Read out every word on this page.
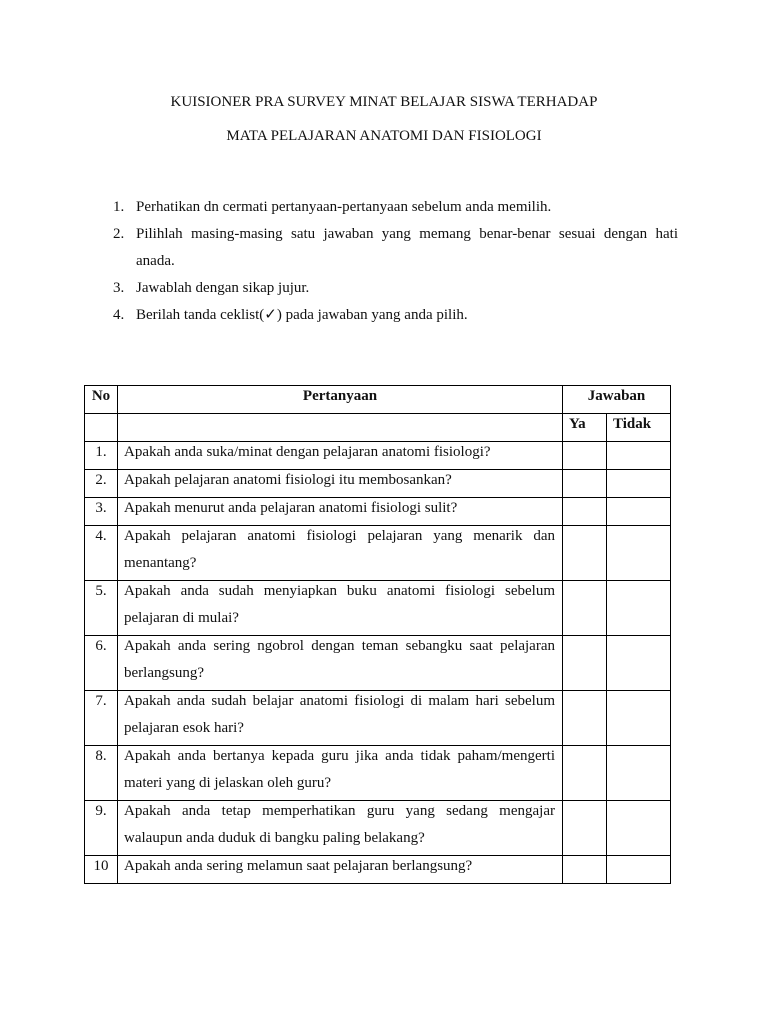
KUISIONER PRA SURVEY MINAT BELAJAR SISWA TERHADAP
MATA PELAJARAN ANATOMI DAN FISIOLOGI
1. Perhatikan dn cermati pertanyaan-pertanyaan sebelum anda memilih.
2. Pilihlah masing-masing satu jawaban yang memang benar-benar sesuai dengan hati
anada.
3. Jawablah dengan sikap jujur.
4. Berilah tanda ceklist(✓) pada jawaban yang anda pilih.
No	Pertanyaan	Jawaban	

		Ya	Tidak

1.	Apakah anda suka/minat dengan pelajaran anatomi fisiologi?		

2.	Apakah pelajaran anatomi fisiologi itu membosankan?		

3.	Apakah menurut anda pelajaran anatomi fisiologi sulit?		

4.	Apakah pelajaran anatomi fisiologi pelajaran yang menarik dan
menantang?		

5.	Apakah anda sudah menyiapkan buku anatomi fisiologi sebelum
pelajaran di mulai?		

6.	Apakah anda sering ngobrol dengan teman sebangku saat pelajaran
berlangsung?		

7.	Apakah anda sudah belajar anatomi fisiologi di malam hari sebelum
pelajaran esok hari?		

8.	Apakah anda bertanya kepada guru jika anda tidak paham/mengerti
materi yang di jelaskan oleh guru?		

9.	Apakah anda tetap memperhatikan guru yang sedang mengajar
walaupun anda duduk di bangku paling belakang?		

10	Apakah anda sering melamun saat pelajaran berlangsung?		
